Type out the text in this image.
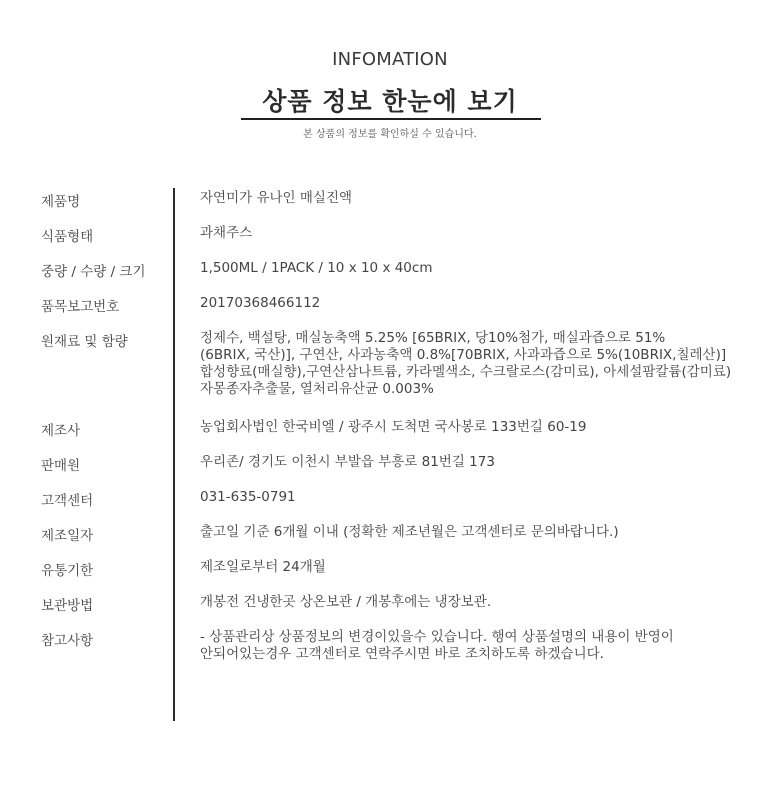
INFOMATION
상품 정보 한눈에 보기
본 상품의 정보를 확인하실 수 있습니다.
제품명	자연미가 유나인 매실진액
식품형태	과채주스
중량 / 수량 / 크기	1,500ML / 1PACK / 10 x 10 x 40cm
품목보고번호	20170368466112
원재료 및 함량	정제수, 백설탕, 매실농축액 5.25% [65BRIX, 당10%첨가, 매실과즙으로 51%
(6BRIX, 국산)], 구연산, 사과농축액 0.8%[70BRIX, 사과과즙으로 5%(10BRIX,칠레산)]
합성향료(매실향),구연산삼나트륨, 카라멜색소, 수크랄로스(감미료), 아세설팜칼륨(감미료)
자몽종자추출물, 열처리유산균 0.003%
제조사	농업회사법인 한국비엘 / 광주시 도척면 국사봉로 133번길 60-19
판매원	우리존/ 경기도 이천시 부발읍 부흥로 81번길 173
고객센터	031-635-0791
제조일자	출고일 기준 6개월 이내 (정확한 제조년월은 고객센터로 문의바랍니다.)
유통기한	제조일로부터 24개월
보관방법	개봉전 건냉한곳 상온보관 / 개봉후에는 냉장보관.
참고사항	- 상품관리상 상품정보의 변경이있을수 있습니다. 행여 상품설명의 내용이 반영이
안되어있는경우 고객센터로 연락주시면 바로 조치하도록 하겠습니다.
